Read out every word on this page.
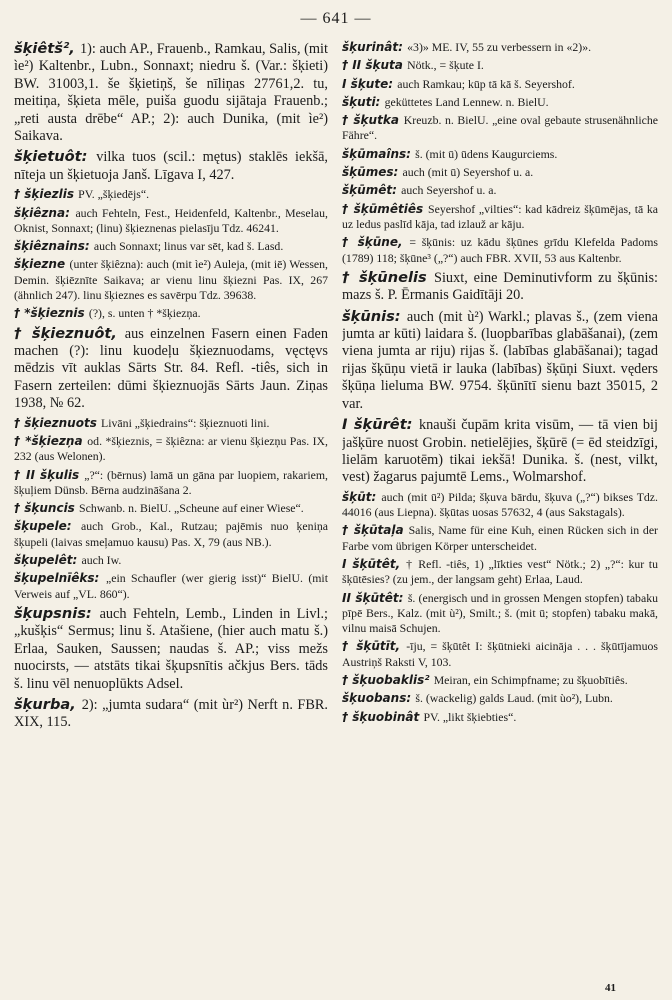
— 641 —

šķiêtš², 1): auch AP., Frauenb., Ramkau, Salis, (mit ìe²) Kaltenbr., Lubn., Sonnaxt; niedru š. (Var.: šķieti) BW. 31003,1. še šķietiņš, še nīliņas 27761,2. tu, meitiņa, šķieta mēle, puiša guodu sijātaja Frauenb.; „reti austa drēbe“ AP.; 2): auch Dunika, (mit ìe²) Saikava.

šķietuôt: vilka tuos (scil.: mętus) staklēs iekšā, nīteja un šķietuoja Janš. Līgava I, 427.

† šķiezlis PV. „šķiedējs“.

šķiêzna: auch Fehteln, Fest., Heidenfeld, Kaltenbr., Meselau, Oknist, Sonnaxt; (linu) šķieznenas pielasīju Tdz. 46241.

šķiêznains: auch Sonnaxt; linus var sēt, kad š. Lasd.

šķiezne (unter šķiêzna): auch (mit ìe²) Auleja, (mit iē) Wessen, Demin. šķiēznīte Saikava; ar vienu linu šķiezni Pas. IX, 267 (ähnlich 247). linu šķieznes es savērpu Tdz. 39638.

† *šķieznis (?), s. unten † *šķiezņa.

† šķieznuôt, aus einzelnen Fasern einen Faden machen (?): linu kuodeļu šķieznuodams, vęctęvs mēdzis vīt auklas Sārts Str. 84. Refl. -tiês, sich in Fasern zerteilen: dūmi šķieznuojās Sārts Jaun. Ziņas 1938, № 62.

† šķieznuots Livāni „šķiedrains“: šķieznuoti lini.

† *šķiezņa od. *šķieznis, = šķiêzna: ar vienu šķiezņu Pas. IX, 232 (aus Welonen).

† II šķulis „?“: (bērnus) lamā un gāna par luopiem, rakariem, šķuļiem Dünsb. Bērna audzināšana 2.

† šķuncis Schwanb. n. BielU. „Scheune auf einer Wiese“.

šķupele: auch Grob., Kal., Rutzau; pajēmis nuo ķeniņa šķupeli (laivas smeļamuo kausu) Pas. X, 79 (aus NB.).

šķupelêt: auch Iw.

šķupelnīêks: „ein Schaufler (wer gierig isst)“ BielU. (mit Verweis auf „VL. 860“).

šķupsnis: auch Fehteln, Lemb., Linden in Livl.; „kušķis“ Sermus; linu š. Atašiene, (hier auch matu š.) Erlaa, Sauken, Saussen; naudas š. AP.; viss mežs nuocirsts, — atstāts tikai šķupsnītis ačkjus Bers. tāds š. linu vēl nenuoplūkts Adsel.

šķurba, 2): „jumta sudara“ (mit ùr²) Nerft n. FBR. XIX, 115.

šķurinât: «3)» ME. IV, 55 zu verbessern in «2)».

† II šķuta Nötk., = šķute I.

I šķute: auch Ramkau; kūp tā kā š. Seyershof.

šķuti: geküttetes Land Lennew. n. BielU.

† šķutka Kreuzb. n. BielU. „eine oval gebaute strusenähnliche Fähre“.

šķūmaîns: š. (mit ū) ūdens Kaugurciems.

šķūmes: auch (mit ū) Seyershof u. a.

šķūmêt: auch Seyershof u. a.

† šķūmêtiês Seyershof „vilties“: kad kādreiz šķūmējas, tā ka uz ledus paslīd kāja, tad izlauž ar kāju.

† šķūne, = šķūnis: uz kādu šķūnes grīdu Klefelda Padoms (1789) 118; šķūne³ („?“) auch FBR. XVII, 53 aus Kaltenbr.

† šķūnelis Siuxt, eine Deminutivform zu šķūnis: mazs š. P. Ērmanis Gaidītāji 20.

šķūnis: auch (mit ù²) Warkl.; plavas š., (zem viena jumta ar kūti) laidara š. (luopbarības glabāšanai), (zem viena jumta ar riju) rijas š. (labības glabāšanai); tagad rijas šķūņu vietā ir lauka (labības) šķūņi Siuxt. vęders šķūņa lieluma BW. 9754. šķūnītī sienu bazt 35015, 2 var.

I šķūrêt: knauši čupām krita visūm, — tā vien bij jašķūre nuost Grobin. netielējies, šķūrē (= ēd steidzīgi, lielām karuotēm) tikai iekšā! Dunika. š. (nest, vilkt, vest) žagarus pajumtē Lems., Wolmarshof.

šķūt: auch (mit ū²) Pilda; šķuva bārdu, šķuva („?“) bikses Tdz. 44016 (aus Liepna). šķūtas uosas 57632, 4 (aus Sakstagals).

† šķūtaļa Salis, Name für eine Kuh, einen Rücken sich in der Farbe vom übrigen Körper unterscheidet.

I šķūtêt, † Refl. -tiês, 1) „līkties vest“ Nötk.; 2) „?“: kur tu šķūtēsies? (zu jem., der langsam geht) Erlaa, Laud.

II šķūtêt: š. (energisch und in grossen Mengen stopfen) tabaku pīpē Bers., Kalz. (mit ù²), Smilt.; š. (mit ū; stopfen) tabaku makā, vilnu maisā Schujen.

† šķūtīt, -īju, = šķūtêt I: šķūtnieki aicināja . . . šķūtījamuos Austriņš Raksti V, 103.

† šķuobaklis² Meiran, ein Schimpfname; zu šķuobītiês.

šķuobans: š. (wackelig) galds Laud. (mit ùo²), Lubn.

† šķuobinât PV. „likt šķiebties“.

41
